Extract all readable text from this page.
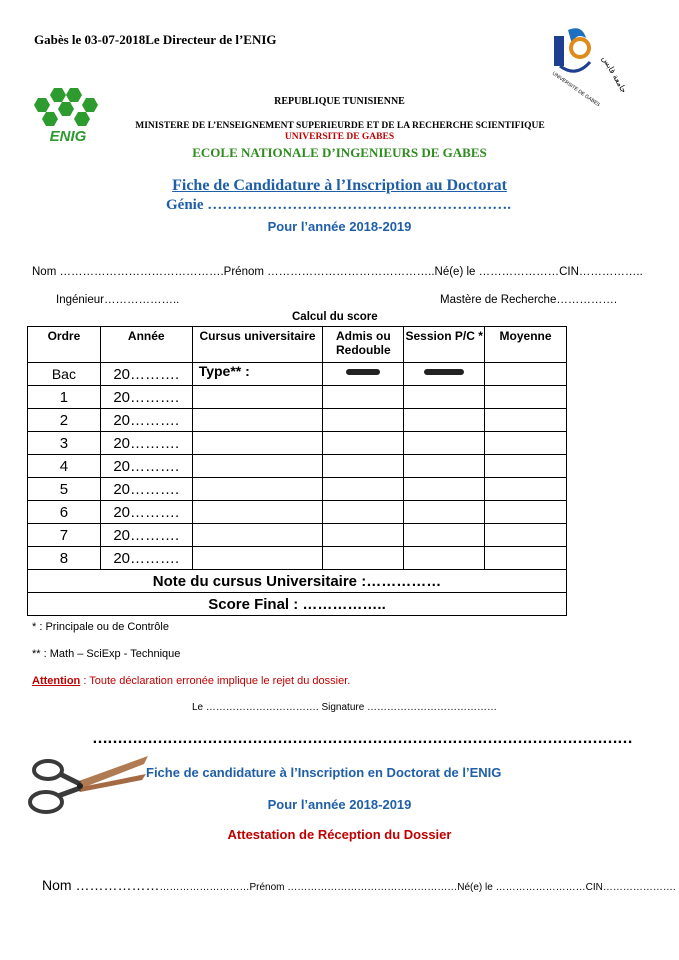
Gabès le 03-07-2018Le Directeur de l’ENIG
ENIG
جامعة قابس
UNIVERSITE DE GABES
REPUBLIQUE TUNISIENNE
MINISTERE DE L’ENSEIGNEMENT SUPERIEURDE ET DE LA RECHERCHE SCIENTIFIQUE
UNIVERSITE DE GABES
ECOLE NATIONALE D’INGENIEURS DE GABES
Fiche de Candidature à l’Inscription au Doctorat
Génie …………………………………………………….
Pour l’année 2018-2019
Nom …………………………………….Prénom ……………………………………..Né(e) le …………………CIN……………..
Ingénieur………………..	Mastère de Recherche…………….
Calcul du score
Ordre	Année	Cursus universitaire	Admis ou Redouble	Session P/C *	Moyenne
Bac	20……….	Type** :			
1	20……….				
2	20……….				
3	20……….				
4	20……….				
5	20……….				
6	20……….				
7	20……….				
8	20……….				
Note du cursus Universitaire :……………					
Score Final : ……………..					
* : Principale ou de Contrôle
** : Math – SciExp - Technique
Attention : Toute déclaration erronée implique le rejet du dossier.
Le ……………………………. Signature …………………………………
………………………………………………………………………………………………
Fiche de candidature à l’Inscription en Doctorat de l’ENIG
Pour l’année 2018-2019
Attestation de Réception du Dossier
Nom ………………………………………Prénom ……………………………………………Né(e) le ………………………CIN………………….
